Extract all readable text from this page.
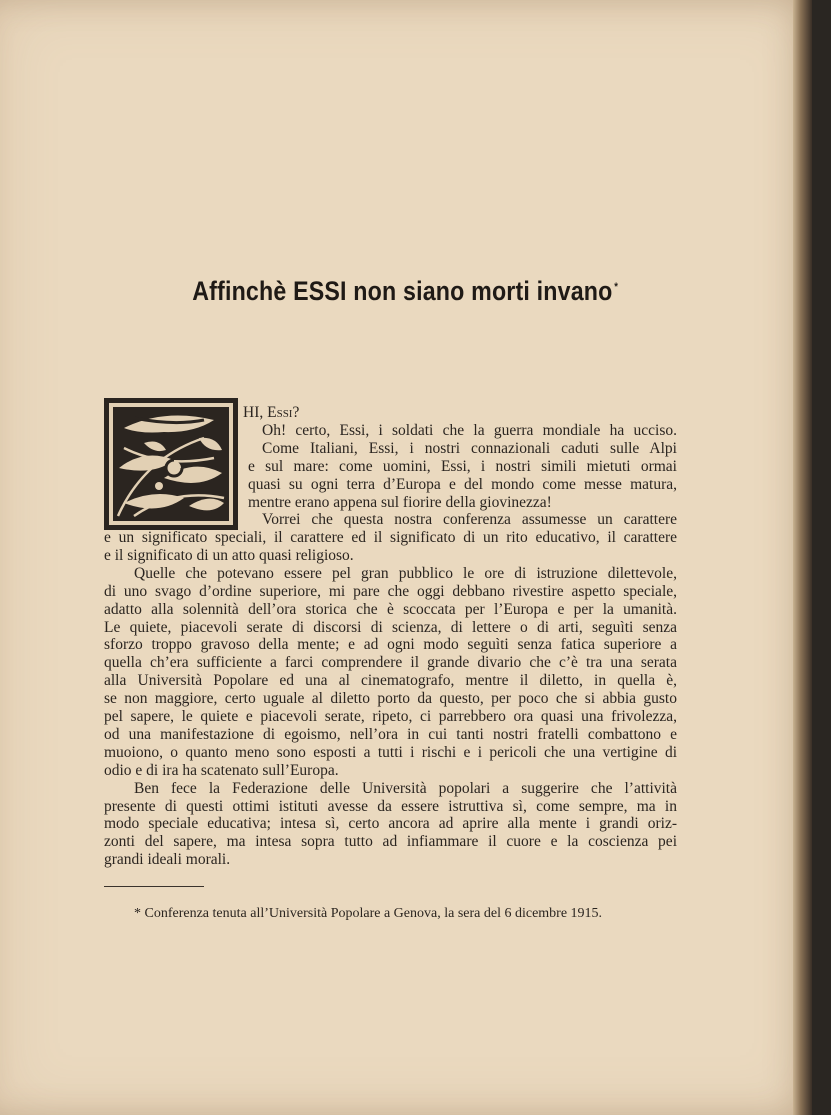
Affinchè ESSI non siano morti invano *
HI, Essi?
Oh! certo, Essi, i soldati che la guerra mondiale ha ucciso.
Come Italiani, Essi, i nostri connazionali caduti sulle Alpi
e sul mare: come uomini, Essi, i nostri simili mietuti ormai
quasi su ogni terra d’Europa e del mondo come messe matura,
mentre erano appena sul fiorire della giovinezza!
Vorrei che questa nostra conferenza assumesse un carattere
e un significato speciali, il carattere ed il significato di un rito educativo, il carattere
e il significato di un atto quasi religioso.
Quelle che potevano essere pel gran pubblico le ore di istruzione dilettevole,
di uno svago d’ordine superiore, mi pare che oggi debbano rivestire aspetto speciale,
adatto alla solennità dell’ora storica che è scoccata per l’Europa e per la umanità.
Le quiete, piacevoli serate di discorsi di scienza, di lettere o di arti, seguìti senza
sforzo troppo gravoso della mente; e ad ogni modo seguìti senza fatica superiore a
quella ch’era sufficiente a farci comprendere il grande divario che c’è tra una serata
alla Università Popolare ed una al cinematografo, mentre il diletto, in quella è,
se non maggiore, certo uguale al diletto porto da questo, per poco che si abbia gusto
pel sapere, le quiete e piacevoli serate, ripeto, ci parrebbero ora quasi una frivolezza,
od una manifestazione di egoismo, nell’ora in cui tanti nostri fratelli combattono e
muoiono, o quanto meno sono esposti a tutti i rischi e i pericoli che una vertigine di
odio e di ira ha scatenato sull’Europa.
Ben fece la Federazione delle Università popolari a suggerire che l’attività
presente di questi ottimi istituti avesse da essere istruttiva sì, come sempre, ma in
modo speciale educativa; intesa sì, certo ancora ad aprire alla mente i grandi oriz-
zonti del sapere, ma intesa sopra tutto ad infiammare il cuore e la coscienza pei
grandi ideali morali.
* Conferenza tenuta all’Università Popolare a Genova, la sera del 6 dicembre 1915.
